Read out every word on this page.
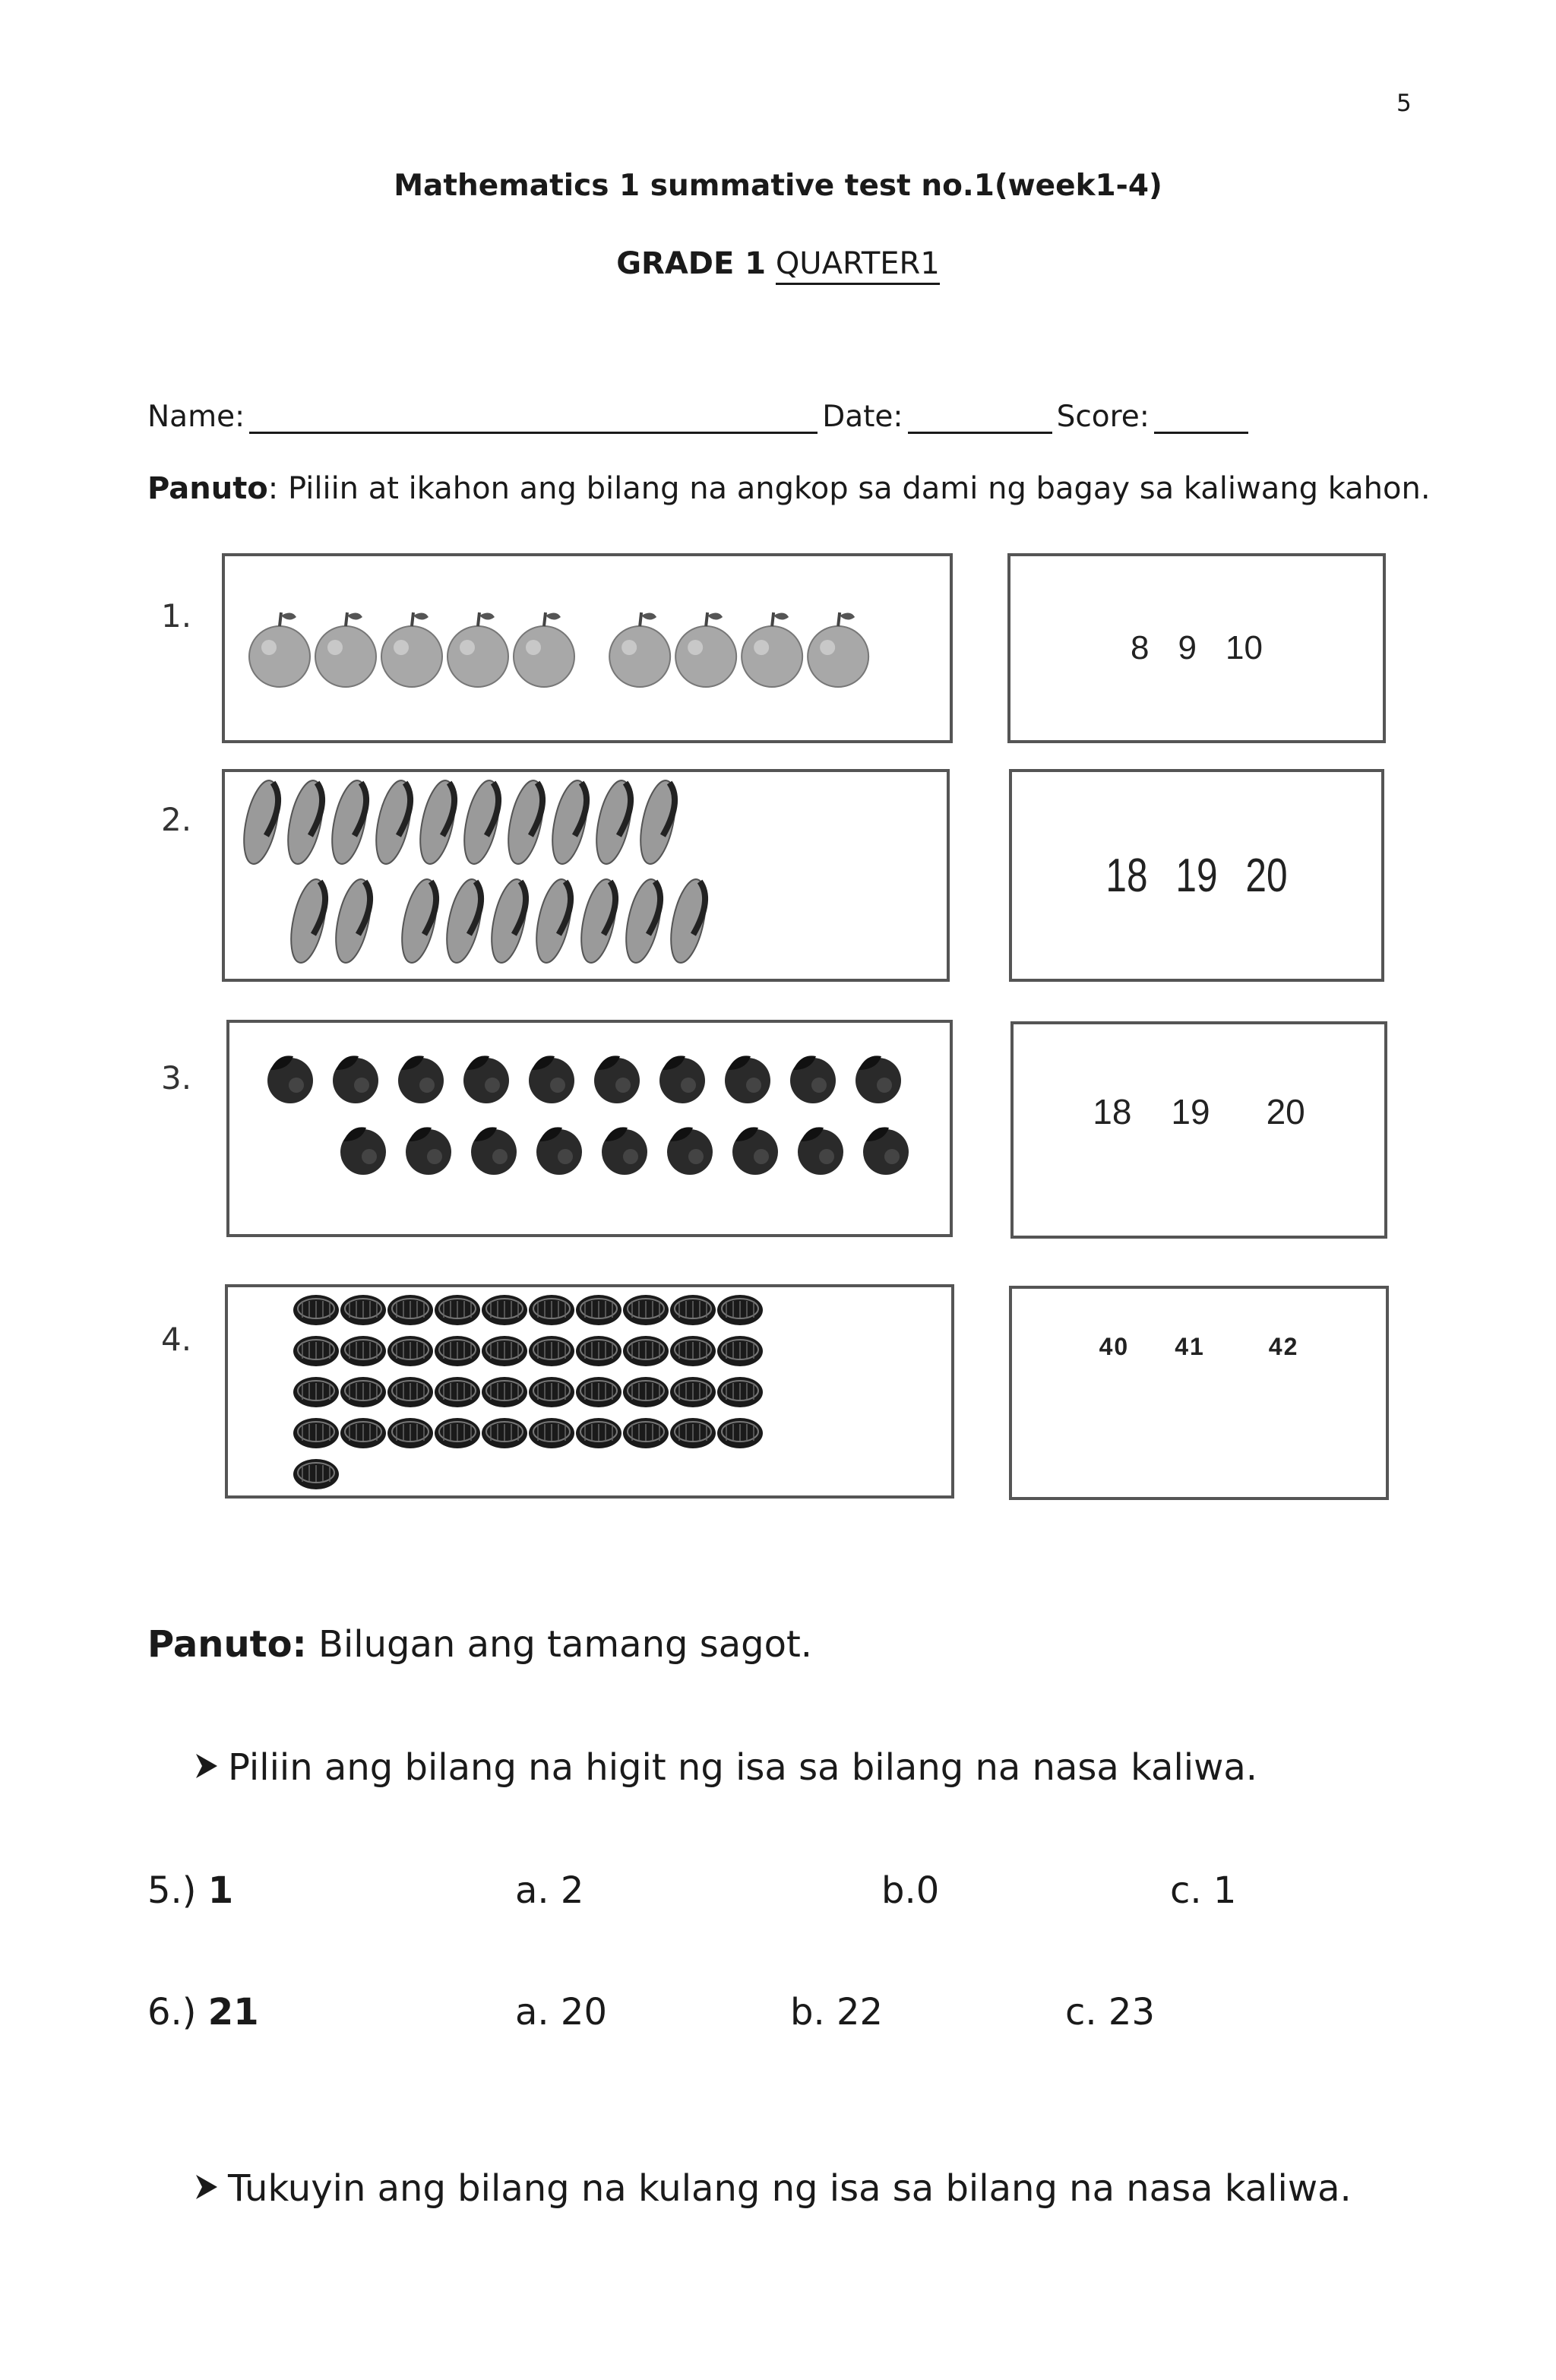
5
Mathematics 1 summative test no.1(week1-4)
GRADE 1 QUARTER1
Name:	Date:	Score:
Panuto: Piliin at ikahon ang bilang na angkop sa dami ng bagay sa kaliwang kahon.
1.
8 9 10
2.
18 19 20
3.
18 19 20
4.	40 41	42
Panuto: Bilugan ang tamang sagot.
Piliin ang bilang na higit ng isa sa bilang na nasa kaliwa.
5.) 1	a. 2	b.0	c. 1
6.) 21	a. 20	b. 22	c. 23
Tukuyin ang bilang na kulang ng isa sa bilang na nasa kaliwa.
